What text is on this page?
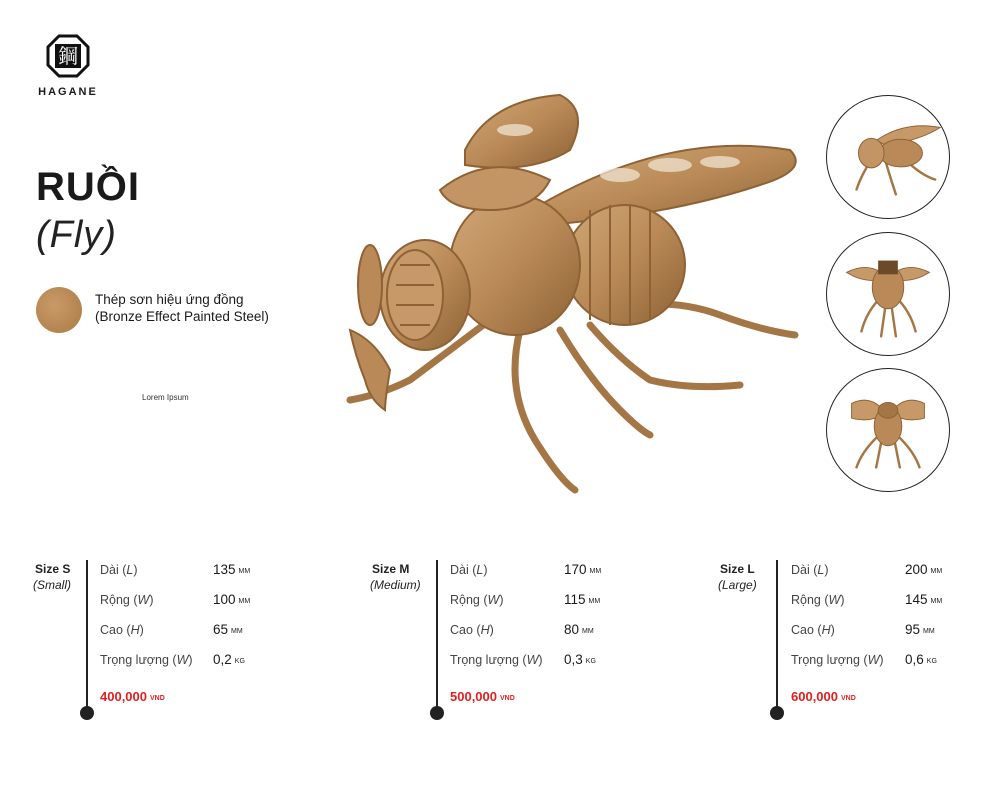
鋼
HAGANE
RUỒI
(Fly)
Thép sơn hiệu ứng đồng
(Bronze Effect Painted Steel)
Lorem Ipsum
Size S
(Small)
Dài (L)	135 MM
Rộng (W)	100 MM
Cao (H)	65 MM
Trọng lượng (W) 0,2 KG
400,000 VND
Size M
(Medium)
Dài (L)	170 MM
Rộng (W)	115 MM
Cao (H)	80 MM
Trọng lượng (W) 0,3 KG
500,000 VND
Size L
(Large)
Dài (L)	200 MM
Rộng (W)	145 MM
Cao (H)	95 MM
Trọng lượng (W) 0,6 KG
600,000 VND
